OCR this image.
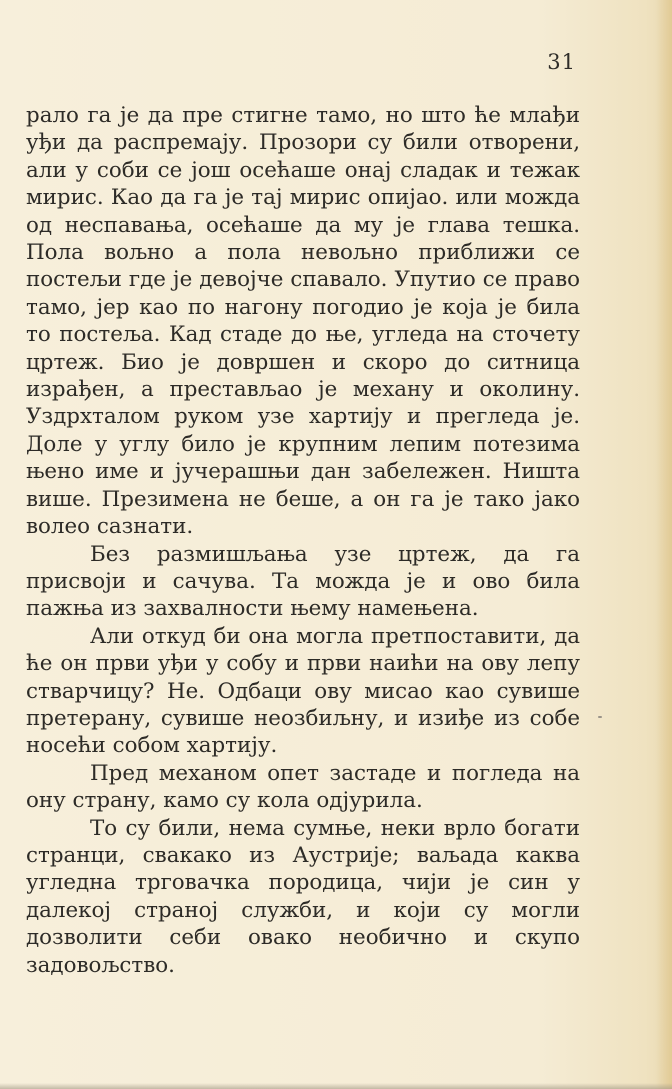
31

рало га је да пре стигне тамо, но што ће млађи уђи да распремају. Прозори су били отворени, али у соби се још осећаше онај сладак и тежак мирис. Као да га је тај мирис опијао. или можда од неспавања, осећаше да му је глава тешка. Пола вољно а пола невољно приближи се постељи где је девојче спавало. Упутио се право тамо, јер као по нагону погодио је која је била то постеља. Кад стаде до ње, угледа на сточету цртеж. Био је довршен и скоро до ситница израђен, а престављао је механу и околину. Уздрхталом руком узе хартију и прегледа је. Доле у углу било је крупним лепим потезима њено име и јучерашњи дан забележен. Ништа више. Презимена не беше, а он га је тако јако волео сазнати.

Без размишљања узе цртеж, да га присвоји и сачува. Та можда је и ово била пажња из захвалности њему намењена.

Али откуд би она могла претпоставити, да ће он први уђи у собу и први наићи на ову лепу стварчицу? Не. Одбаци ову мисао као сувише претерану, сувише неозбиљну, и изиђе из собе носећи собом хартију.

Пред механом опет застаде и погледа на ону страну, камо су кола одјурила.

То су били, нема сумње, неки врло богати странци, свакако из Аустрије; ваљада каква угледна трговачка породица, чији је син у далекој страној служби, и који су могли дозволити себи овако необично и скупо задовољство.
